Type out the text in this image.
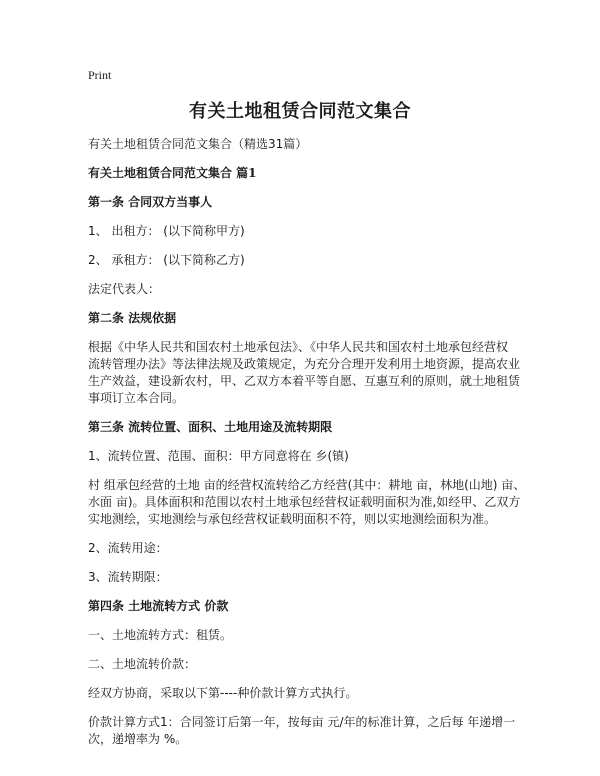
Print
有关土地租赁合同范文集合
有关土地租赁合同范文集合（精选31篇）
有关土地租赁合同范文集合 篇1
第一条 合同双方当事人
1、 出租方： (以下简称甲方)
2、 承租方： (以下简称乙方)
法定代表人：
第二条 法规依据
根据《中华人民共和国农村土地承包法》、《中华人民共和国农村土地承包经营权
流转管理办法》等法律法规及政策规定，为充分合理开发利用土地资源，提高农业
生产效益，建设新农村，甲、乙双方本着平等自愿、互惠互利的原则，就土地租赁
事项订立本合同。
第三条 流转位置、面积、土地用途及流转期限
1、流转位置、范围、面积：甲方同意将在 乡(镇)
村 组承包经营的土地 亩的经营权流转给乙方经营(其中：耕地 亩，林地(山地) 亩、
水面 亩)。具体面积和范围以农村土地承包经营权证载明面积为准,如经甲、乙双方
实地测绘，实地测绘与承包经营权证载明面积不符，则以实地测绘面积为准。
2、流转用途：
3、流转期限：
第四条 土地流转方式 价款
一、土地流转方式：租赁。
二、土地流转价款：
经双方协商，采取以下第----种价款计算方式执行。
价款计算方式1：合同签订后第一年，按每亩 元/年的标准计算，之后每 年递增一
次，递增率为 %。
